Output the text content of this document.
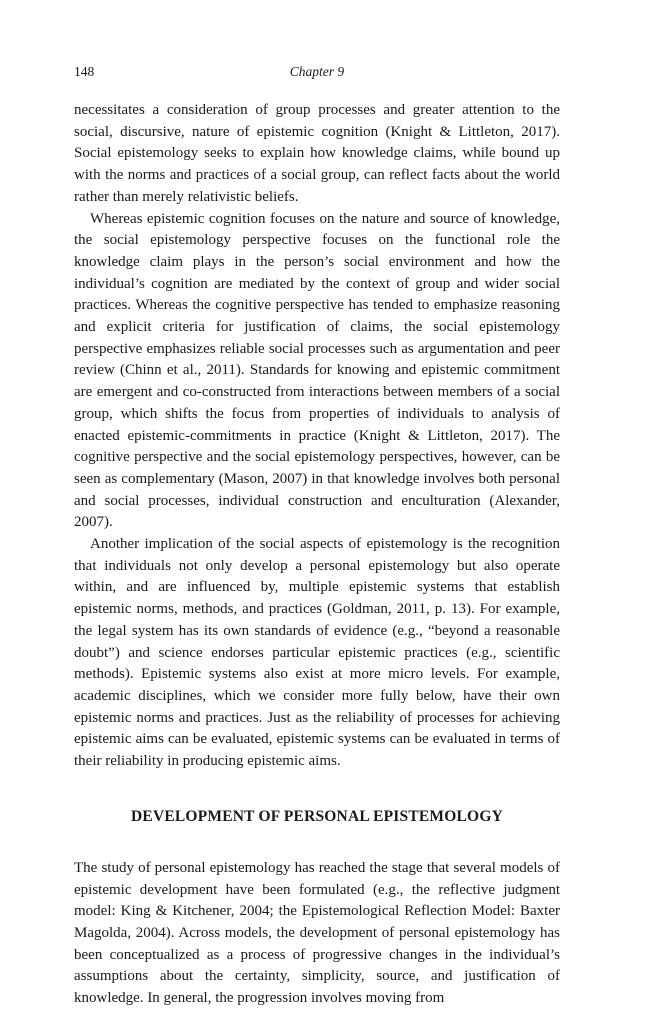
148	Chapter 9

necessitates a consideration of group processes and greater attention to the social, discursive, nature of epistemic cognition (Knight & Littleton, 2017). Social epistemology seeks to explain how knowledge claims, while bound up with the norms and practices of a social group, can reflect facts about the world rather than merely relativistic beliefs.

Whereas epistemic cognition focuses on the nature and source of knowledge, the social epistemology perspective focuses on the functional role the knowledge claim plays in the person’s social environment and how the individual’s cognition are mediated by the context of group and wider social practices. Whereas the cognitive perspective has tended to emphasize reasoning and explicit criteria for justification of claims, the social epistemology perspective emphasizes reliable social processes such as argumentation and peer review (Chinn et al., 2011). Standards for knowing and epistemic commitment are emergent and co-constructed from interactions between members of a social group, which shifts the focus from properties of individuals to analysis of enacted epistemic-commitments in practice (Knight & Littleton, 2017). The cognitive perspective and the social epistemology perspectives, however, can be seen as complementary (Mason, 2007) in that knowledge involves both personal and social processes, individual construction and enculturation (Alexander, 2007).

Another implication of the social aspects of epistemology is the recognition that individuals not only develop a personal epistemology but also operate within, and are influenced by, multiple epistemic systems that establish epistemic norms, methods, and practices (Goldman, 2011, p. 13). For example, the legal system has its own standards of evidence (e.g., “beyond a reasonable doubt”) and science endorses particular epistemic practices (e.g., scientific methods). Epistemic systems also exist at more micro levels. For example, academic disciplines, which we consider more fully below, have their own epistemic norms and practices. Just as the reliability of processes for achieving epistemic aims can be evaluated, epistemic systems can be evaluated in terms of their reliability in producing epistemic aims.

DEVELOPMENT OF PERSONAL EPISTEMOLOGY

The study of personal epistemology has reached the stage that several models of epistemic development have been formulated (e.g., the reflective judgment model: King & Kitchener, 2004; the Epistemological Reflection Model: Baxter Magolda, 2004). Across models, the development of personal epistemology has been conceptualized as a process of progressive changes in the individual’s assumptions about the certainty, simplicity, source, and justification of knowledge. In general, the progression involves moving from
